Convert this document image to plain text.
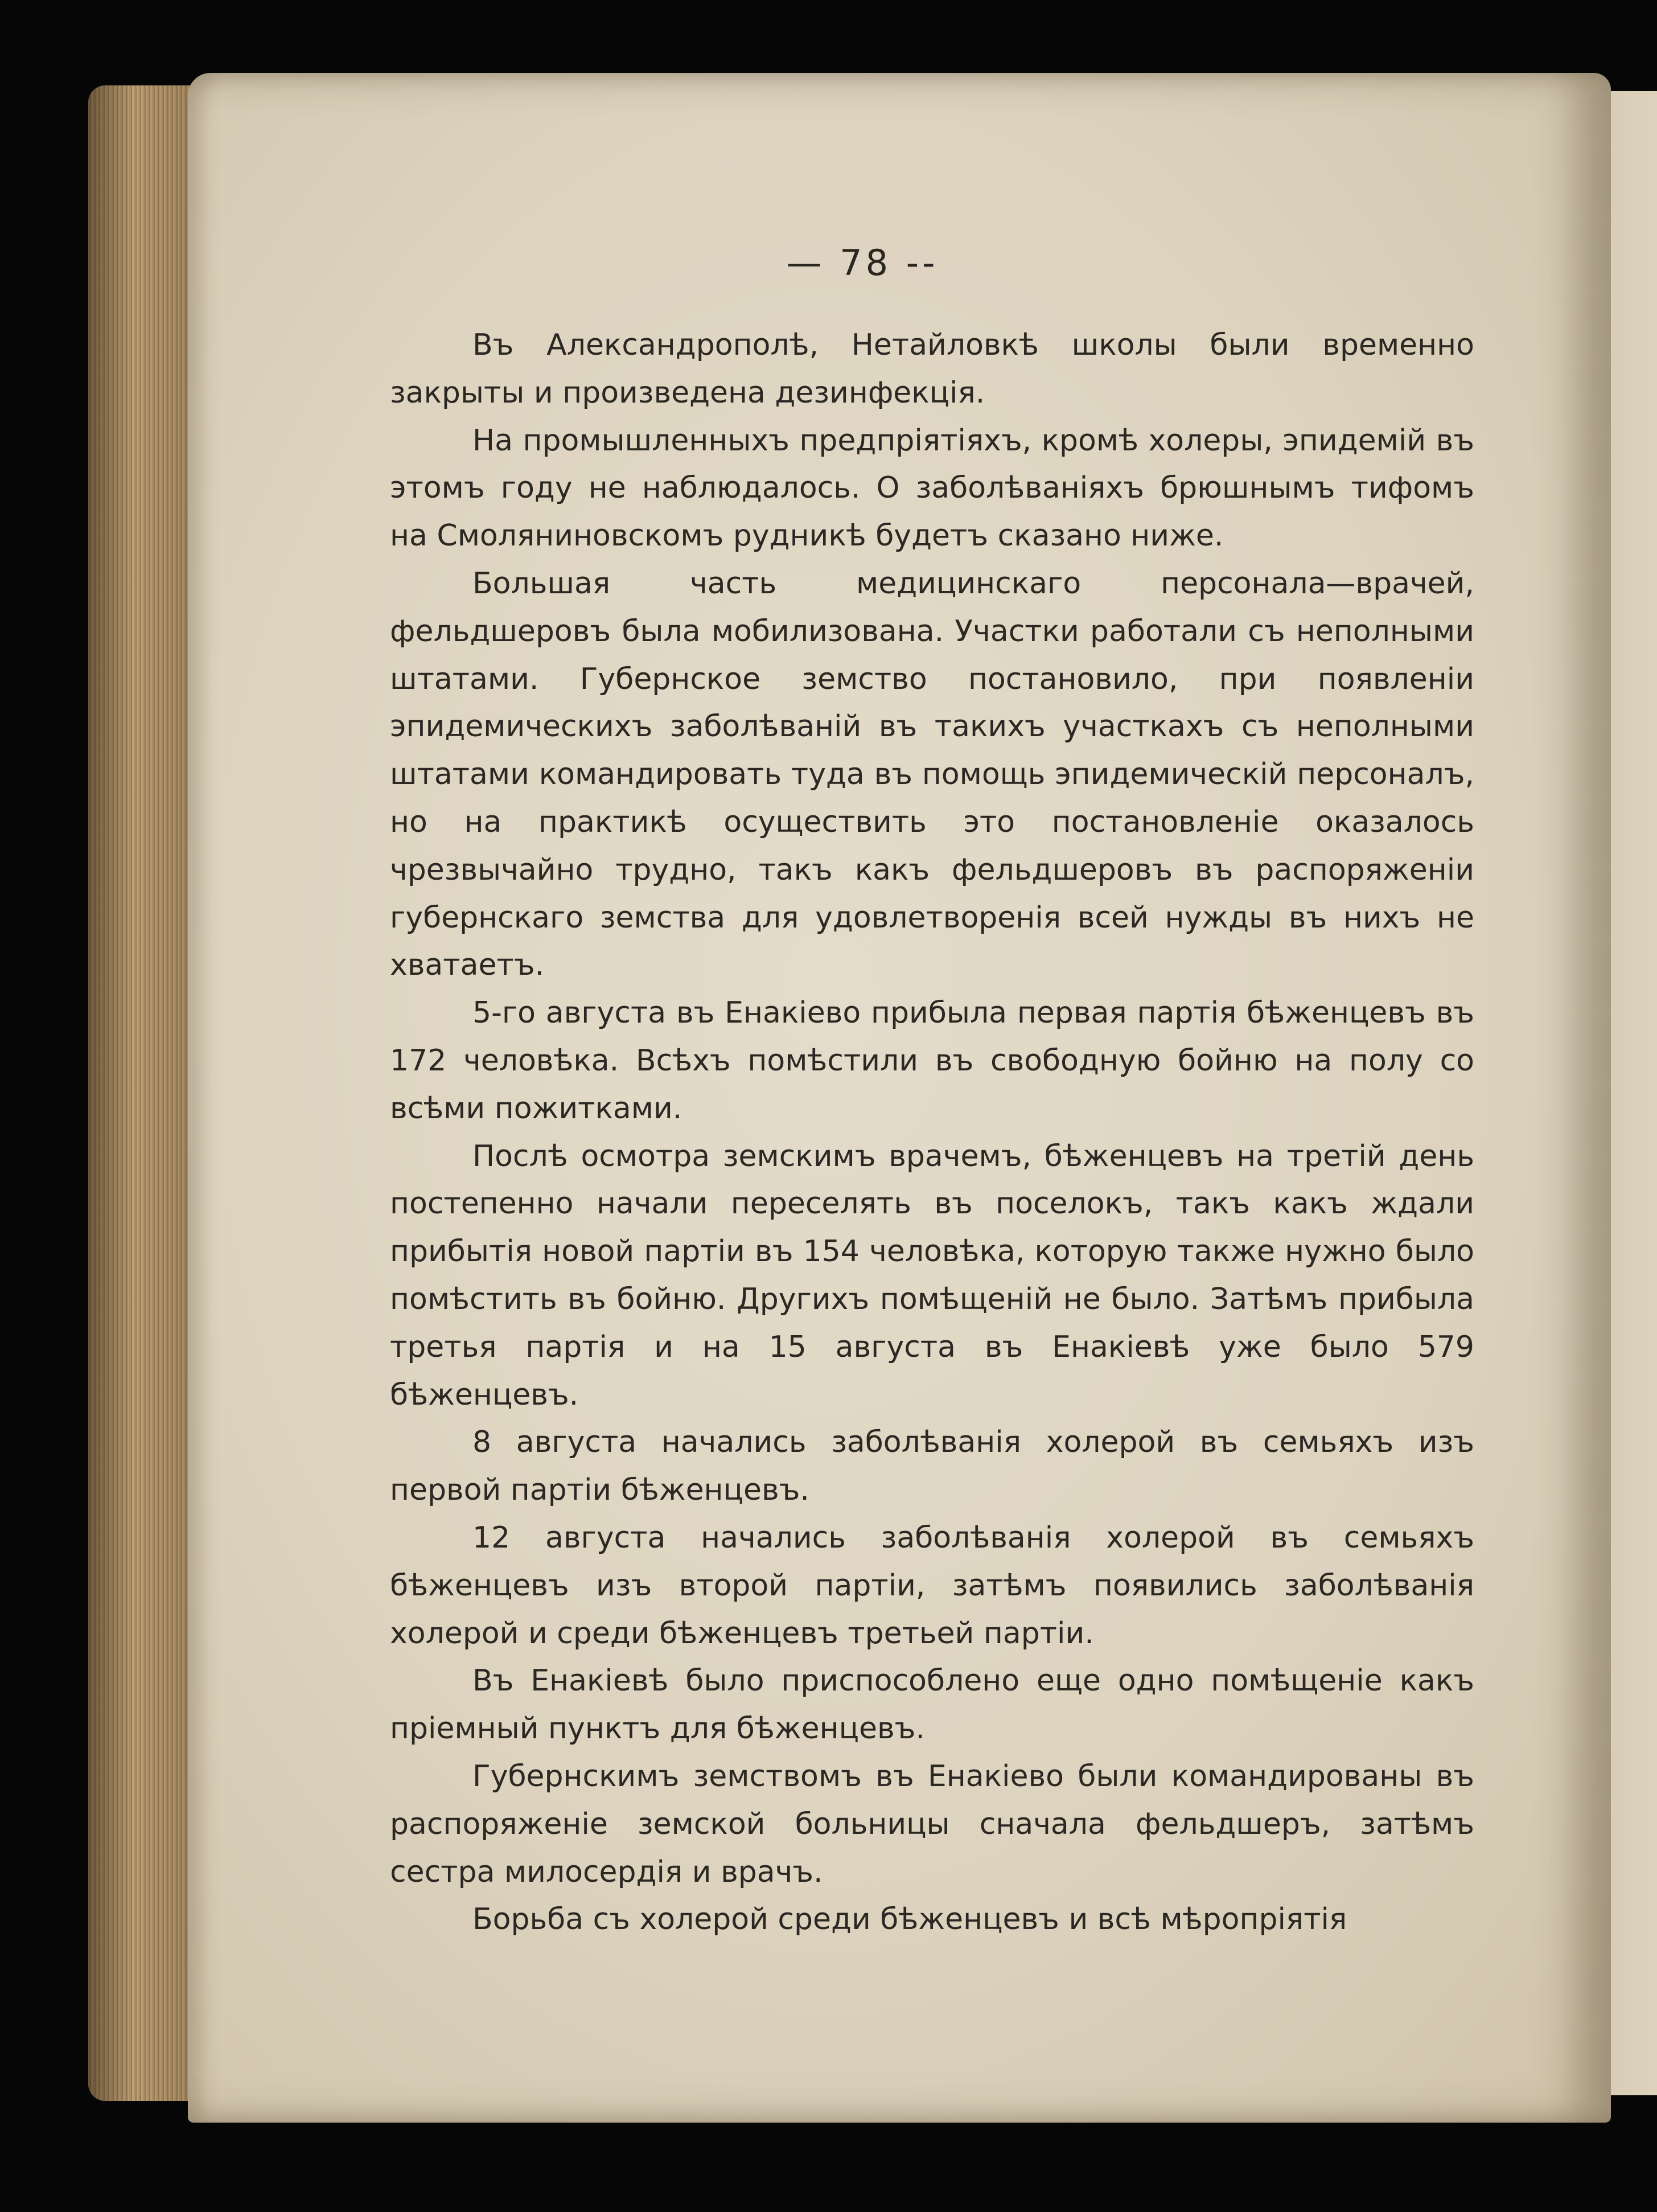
— 78 --

Въ Александрополѣ, Нетайловкѣ школы были временно закрыты и произведена дезинфекція.

На промышленныхъ предпріятіяхъ, кромѣ холеры, эпидемій въ этомъ году не наблюдалось. О заболѣваніяхъ брюшнымъ тифомъ на Смолянинoвскомъ рудникѣ будетъ сказано ниже.

Большая часть медицинскаго персонала—врачей, фельдшеровъ была мобилизована. Участки работали съ неполными штатами. Губернское земство постановило, при появленіи эпидемическихъ заболѣваній въ такихъ участкахъ съ неполными штатами командировать туда въ помощь эпидемическій персоналъ, но на практикѣ осуществить это постановленіе оказалось чрезвычайно трудно, такъ какъ фельдшеровъ въ распоряженіи губернскаго земства для удовлетворенія всей нужды въ нихъ не хватаетъ.

5-го августа въ Енакіево прибыла первая партія бѣженцевъ въ 172 человѣка. Всѣхъ помѣстили въ свободную бойню на полу со всѣми пожитками.

Послѣ осмотра земскимъ врачемъ, бѣженцевъ на третій день постепенно начали переселять въ поселокъ, такъ какъ ждали прибытія новой партіи въ 154 человѣка, которую также нужно было помѣстить въ бойню. Другихъ помѣщеній не было. Затѣмъ прибыла третья партія и на 15 августа въ Енакіевѣ уже было 579 бѣженцевъ.

8 августа начались заболѣванія холерой въ семьяхъ изъ первой партіи бѣженцевъ.

12 августа начались заболѣванія холерой въ семьяхъ бѣженцевъ изъ второй партіи, затѣмъ появились заболѣванія холерой и среди бѣженцевъ третьей партіи.

Въ Енакіевѣ было приспособлено еще одно помѣщеніе какъ пріемный пунктъ для бѣженцевъ.

Губернскимъ земствомъ въ Енакіево были командированы въ распоряженіе земской больницы сначала фельдшеръ, затѣмъ сестра милосердія и врачъ.

Борьба съ холерой среди бѣженцевъ и всѣ мѣропріятія
